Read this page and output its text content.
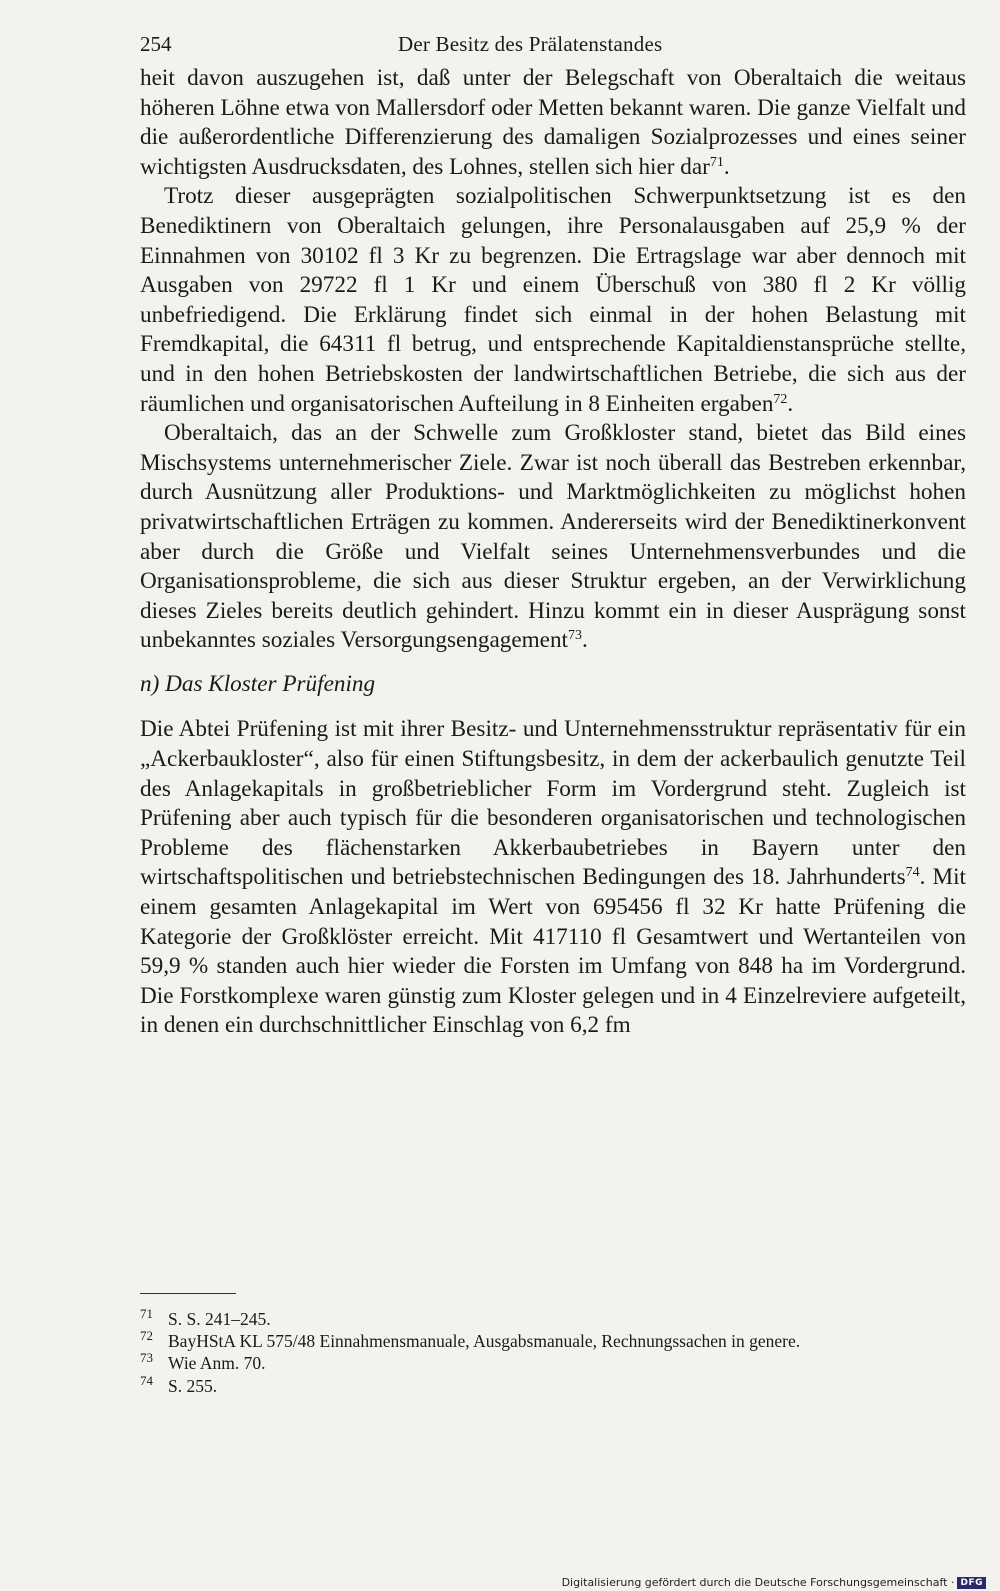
254	Der Besitz des Prälatenstandes

heit davon auszugehen ist, daß unter der Belegschaft von Oberaltaich die weitaus höheren Löhne etwa von Mallersdorf oder Metten bekannt waren. Die ganze Vielfalt und die außerordentliche Differenzierung des damaligen Sozialprozesses und eines seiner wichtigsten Ausdrucksdaten, des Lohnes, stellen sich hier dar$^{71}$.

Trotz dieser ausgeprägten sozialpolitischen Schwerpunktsetzung ist es den Benediktinern von Oberaltaich gelungen, ihre Personalausgaben auf 25,9 % der Einnahmen von 30102 fl 3 Kr zu begrenzen. Die Ertragslage war aber dennoch mit Ausgaben von 29722 fl 1 Kr und einem Überschuß von 380 fl 2 Kr völlig unbefriedigend. Die Erklärung findet sich einmal in der hohen Belastung mit Fremdkapital, die 64311 fl betrug, und entsprechende Kapitaldienstansprüche stellte, und in den hohen Betriebskosten der landwirtschaftlichen Betriebe, die sich aus der räumlichen und organisatorischen Aufteilung in 8 Einheiten ergaben$^{72}$.

Oberaltaich, das an der Schwelle zum Großkloster stand, bietet das Bild eines Mischsystems unternehmerischer Ziele. Zwar ist noch überall das Bestreben erkennbar, durch Ausnützung aller Produktions- und Marktmöglichkeiten zu möglichst hohen privatwirtschaftlichen Erträgen zu kommen. Andererseits wird der Benediktinerkonvent aber durch die Größe und Vielfalt seines Unternehmensverbundes und die Organisationsprobleme, die sich aus dieser Struktur ergeben, an der Verwirklichung dieses Zieles bereits deutlich gehindert. Hinzu kommt ein in dieser Ausprägung sonst unbekanntes soziales Versorgungsengagement$^{73}$.

n) Das Kloster Prüfening

Die Abtei Prüfening ist mit ihrer Besitz- und Unternehmensstruktur repräsentativ für ein „Ackerbaukloster“, also für einen Stiftungsbesitz, in dem der ackerbaulich genutzte Teil des Anlagekapitals in großbetrieblicher Form im Vordergrund steht. Zugleich ist Prüfening aber auch typisch für die besonderen organisatorischen und technologischen Probleme des flächenstarken Akkerbaubetriebes in Bayern unter den wirtschaftspolitischen und betriebstechnischen Bedingungen des 18. Jahrhunderts$^{74}$. Mit einem gesamten Anlagekapital im Wert von 695456 fl 32 Kr hatte Prüfening die Kategorie der Großklöster erreicht. Mit 417110 fl Gesamtwert und Wertanteilen von 59,9 % standen auch hier wieder die Forsten im Umfang von 848 ha im Vordergrund. Die Forstkomplexe waren günstig zum Kloster gelegen und in 4 Einzelreviere aufgeteilt, in denen ein durchschnittlicher Einschlag von 6,2 fm

71 S. S. 241–245.
72 BayHStA KL 575/48 Einnahmensmanuale, Ausgabsmanuale, Rechnungssachen in genere.
73 Wie Anm. 70.
74 S. 255.
Digitalisierung gefördert durch die Deutsche Forschungsgemeinschaft · DFG
